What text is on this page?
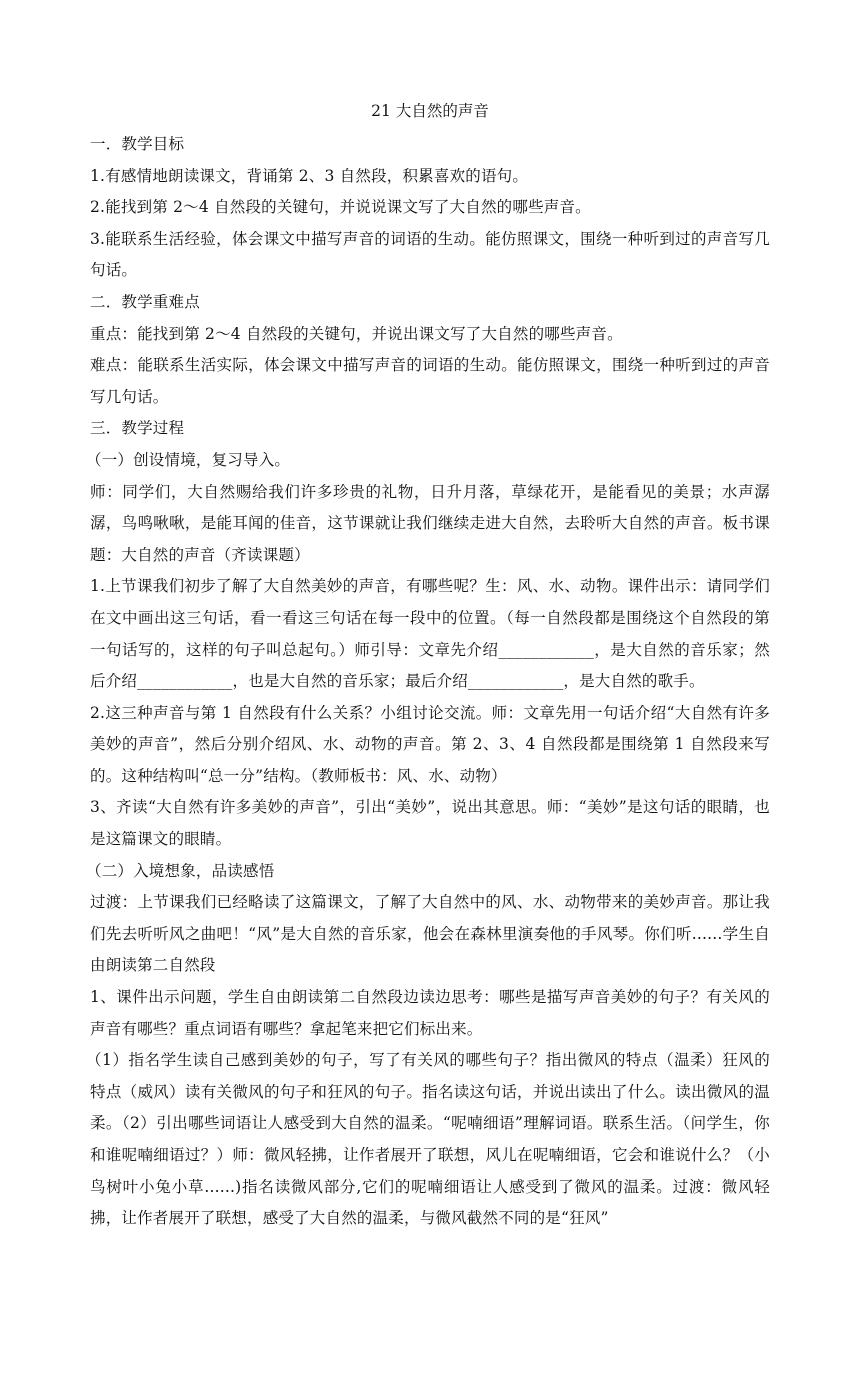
21 大自然的声音

一．教学目标

1.有感情地朗读课文，背诵第 2、3 自然段，积累喜欢的语句。

2.能找到第 2～4 自然段的关键句，并说说课文写了大自然的哪些声音。

3.能联系生活经验，体会课文中描写声音的词语的生动。能仿照课文，围绕一种听到过的声音写几句话。

二．教学重难点

重点：能找到第 2～4 自然段的关键句，并说出课文写了大自然的哪些声音。

难点：能联系生活实际，体会课文中描写声音的词语的生动。能仿照课文，围绕一种听到过的声音写几句话。

三．教学过程

（一）创设情境，复习导入。

师：同学们，大自然赐给我们许多珍贵的礼物，日升月落，草绿花开，是能看见的美景；水声潺潺，鸟鸣啾啾，是能耳闻的佳音，这节课就让我们继续走进大自然，去聆听大自然的声音。板书课题：大自然的声音（齐读课题）

1.上节课我们初步了解了大自然美妙的声音，有哪些呢？生：风、水、动物。课件出示：请同学们在文中画出这三句话，看一看这三句话在每一段中的位置。（每一自然段都是围绕这个自然段的第一句话写的，这样的句子叫总起句。）师引导：文章先介绍____________，是大自然的音乐家；然后介绍____________，也是大自然的音乐家；最后介绍____________，是大自然的歌手。

2.这三种声音与第 1 自然段有什么关系？小组讨论交流。师：文章先用一句话介绍“大自然有许多美妙的声音”，然后分别介绍风、水、动物的声音。第 2、3、4 自然段都是围绕第 1 自然段来写的。这种结构叫“总一分”结构。（教师板书：风、水、动物）

3、齐读“大自然有许多美妙的声音”，引出“美妙”，说出其意思。师：“美妙”是这句话的眼睛，也是这篇课文的眼睛。

（二）入境想象，品读感悟

过渡：上节课我们已经略读了这篇课文，了解了大自然中的风、水、动物带来的美妙声音。那让我们先去听听风之曲吧！“风”是大自然的音乐家，他会在森林里演奏他的手风琴。你们听......学生自由朗读第二自然段

1、课件出示问题，学生自由朗读第二自然段边读边思考：哪些是描写声音美妙的句子？有关风的声音有哪些？重点词语有哪些？拿起笔来把它们标出来。

（1）指名学生读自己感到美妙的句子，写了有关风的哪些句子？指出微风的特点（温柔）狂风的特点（威风）读有关微风的句子和狂风的句子。指名读这句话，并说出读出了什么。读出微风的温柔。（2）引出哪些词语让人感受到大自然的温柔。“呢喃细语”理解词语。联系生活。（问学生，你和谁呢喃细语过？）师：微风轻拂，让作者展开了联想，风儿在呢喃细语，它会和谁说什么？（小鸟树叶小兔小草......)指名读微风部分,它们的呢喃细语让人感受到了微风的温柔。过渡：微风轻拂，让作者展开了联想，感受了大自然的温柔，与微风截然不同的是“狂风”
